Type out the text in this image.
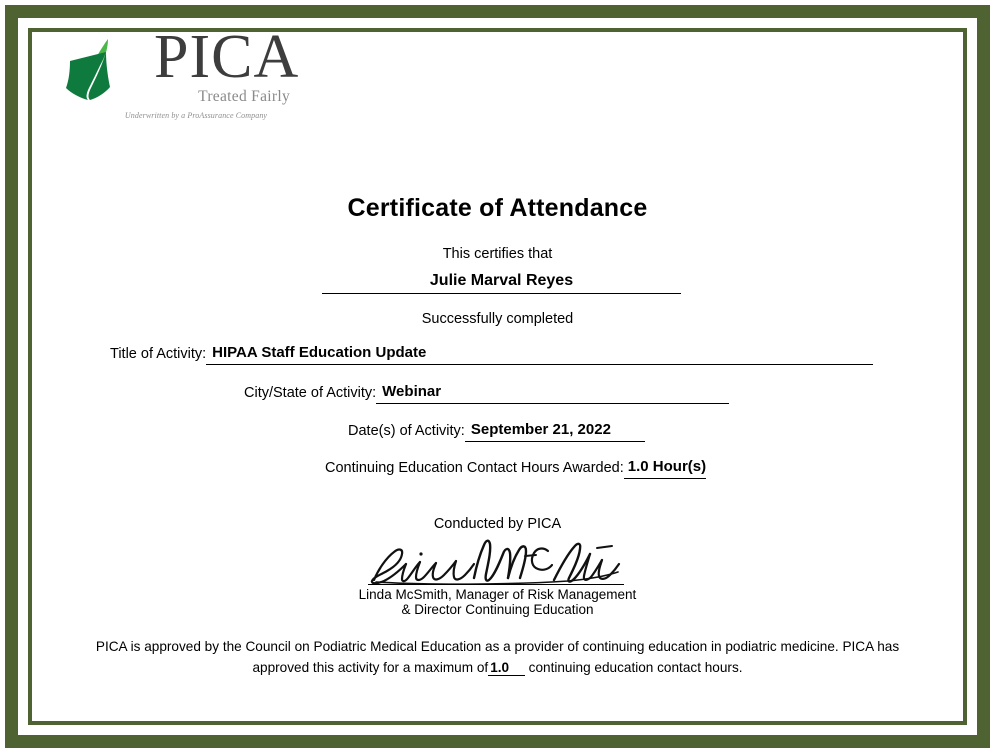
PICA
Treated Fairly
Underwritten by a ProAssurance Company
Certificate of Attendance
This certifies that
Julie Marval Reyes
Successfully completed
Title of Activity: HIPAA Staff Education Update
City/State of Activity: Webinar
Date(s) of Activity: September 21, 2022
Continuing Education Contact Hours Awarded: 1.0 Hour(s)
Conducted by PICA
Linda McSmith, Manager of Risk Management
& Director Continuing Education
PICA is approved by the Council on Podiatric Medical Education as a provider of continuing education in podiatric medicine. PICA has approved this activity for a maximum of 1.0 continuing education contact hours.
